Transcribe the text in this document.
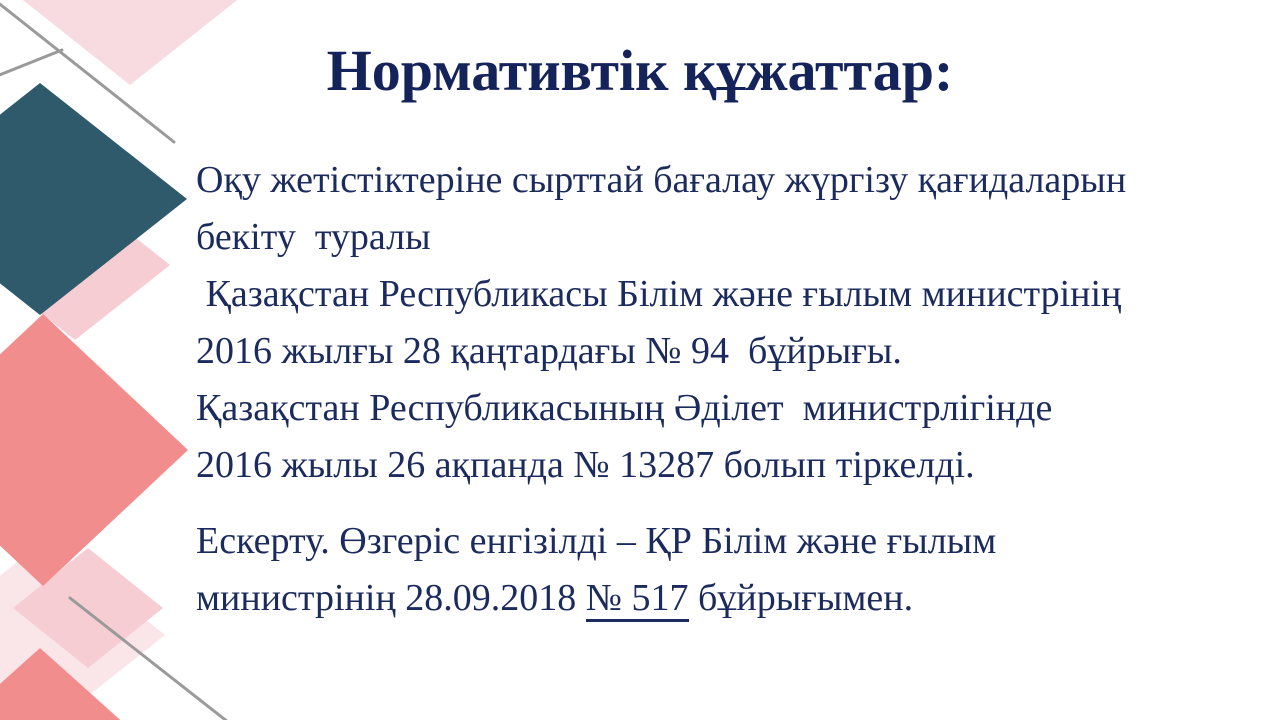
Нормативтік құжаттар:
Оқу жетістіктеріне сырттай бағалау жүргізу қағидаларын
бекіту  туралы
Қазақстан Республикасы Білім және ғылым министрінің
2016 жылғы 28 қаңтардағы № 94  бұйрығы.
Қазақстан Республикасының Әділет  министрлігінде
2016 жылы 26 ақпанда № 13287 болып тіркелді.
Ескерту. Өзгеріс енгізілді – ҚР Білім және ғылым
министрінің 28.09.2018 № 517 бұйрығымен.
